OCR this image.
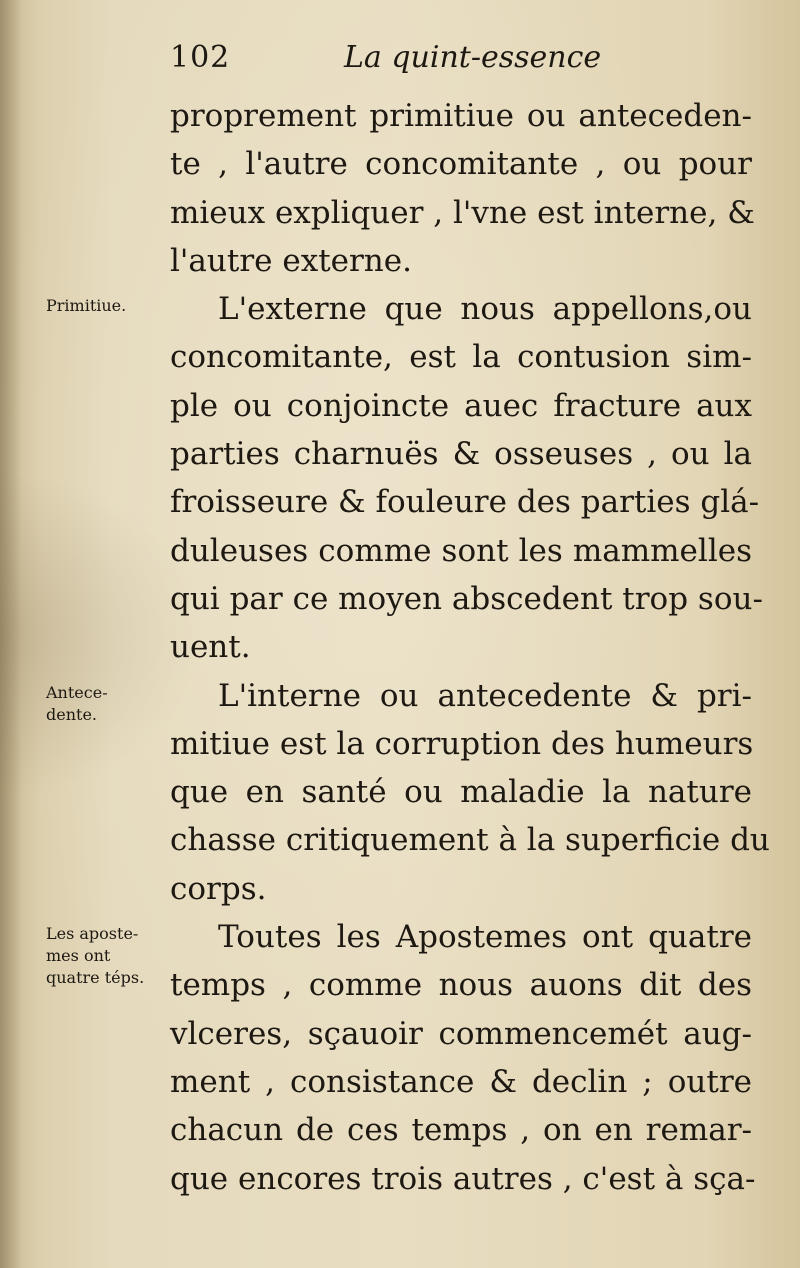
102	La quint-essence
proprement primitiue ou anteceden-
te , l'autre concomitante , ou pour
mieux expliquer , l'vne est interne, &
l'autre externe.
L'externe que nous appellons,ou
concomitante, est la contusion sim-
ple ou conjoincte auec fracture aux
parties charnuës & osseuses , ou la
froisseure & fouleure des parties glá-
duleuses comme sont les mammelles
qui par ce moyen abscedent trop sou-
uent.
L'interne ou antecedente & pri-
mitiue est la corruption des humeurs
que en santé ou maladie la nature
chasse critiquement à la superficie du
corps.
Toutes les Apostemes ont quatre
temps , comme nous auons dit des
vlceres, sçauoir commencemét aug-
ment , consistance & declin ; outre
chacun de ces temps , on en remar-
que encores trois autres , c'est à sça-
Primitiue.
Antece-
dente.
Les aposte-
mes ont
quatre téps.
